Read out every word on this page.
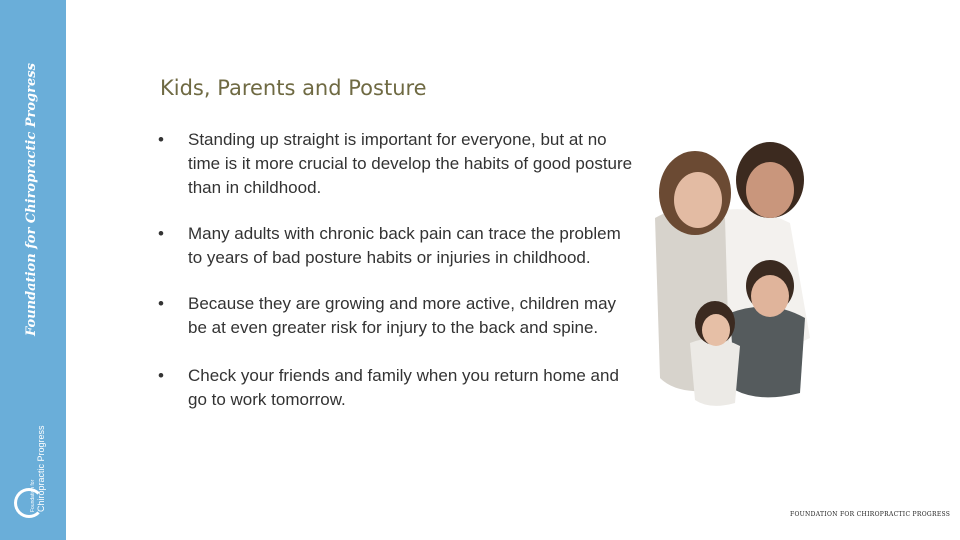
Foundation for Chiropractic Progress
Foundation for Chiropractic Progress
Kids, Parents and Posture
• Standing up straight is important for everyone, but at no time is it more crucial to develop the habits of good posture than in childhood.
• Many adults with chronic back pain can trace the problem to years of bad posture habits or injuries in childhood.
• Because they are growing and more active, children may be at even greater risk for injury to the back and spine.
• Check your friends and family when you return home and go to work tomorrow.
FOUNDATION FOR CHIROPRACTIC PROGRESS
